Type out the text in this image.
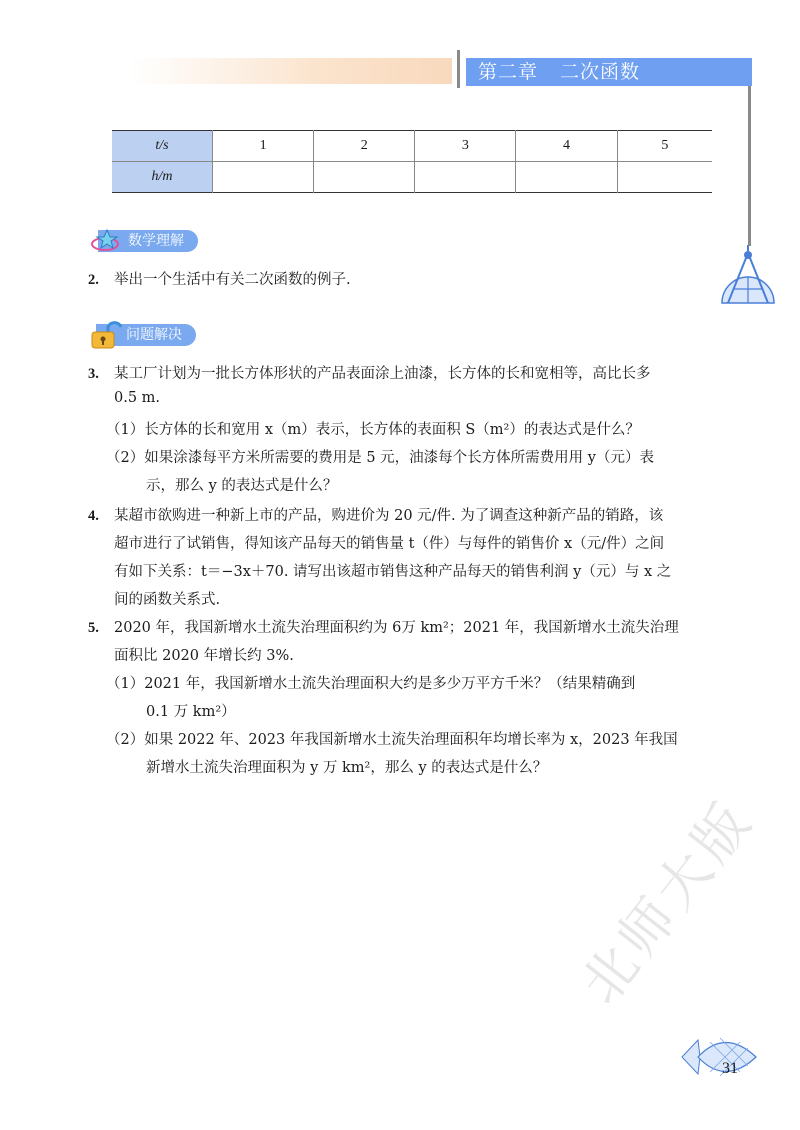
第二章 二次函数
t/s	1	2	3	4	5
h/m					
数学理解
2. 举出一个生活中有关二次函数的例子.
问题解决
3. 某工厂计划为一批长方体形状的产品表面涂上油漆，长方体的长和宽相等，高比长多
0.5 m.
（1）长方体的长和宽用 x（m）表示，长方体的表面积 S（m²）的表达式是什么？
（2）如果涂漆每平方米所需要的费用是 5 元，油漆每个长方体所需费用用 y（元）表
示，那么 y 的表达式是什么？
4. 某超市欲购进一种新上市的产品，购进价为 20 元/件. 为了调查这种新产品的销路，该
超市进行了试销售，得知该产品每天的销售量 t（件）与每件的销售价 x（元/件）之间
有如下关系：t＝−3x＋70. 请写出该超市销售这种产品每天的销售利润 y（元）与 x 之
间的函数关系式.
5. 2020 年，我国新增水土流失治理面积约为 6万 km²；2021 年，我国新增水土流失治理
面积比 2020 年增长约 3%.
（1）2021 年，我国新增水土流失治理面积大约是多少万平方千米？（结果精确到
0.1 万 km²）
（2）如果 2022 年、2023 年我国新增水土流失治理面积年均增长率为 x，2023 年我国
新增水土流失治理面积为 y 万 km²，那么 y 的表达式是什么？
北师大版
31
